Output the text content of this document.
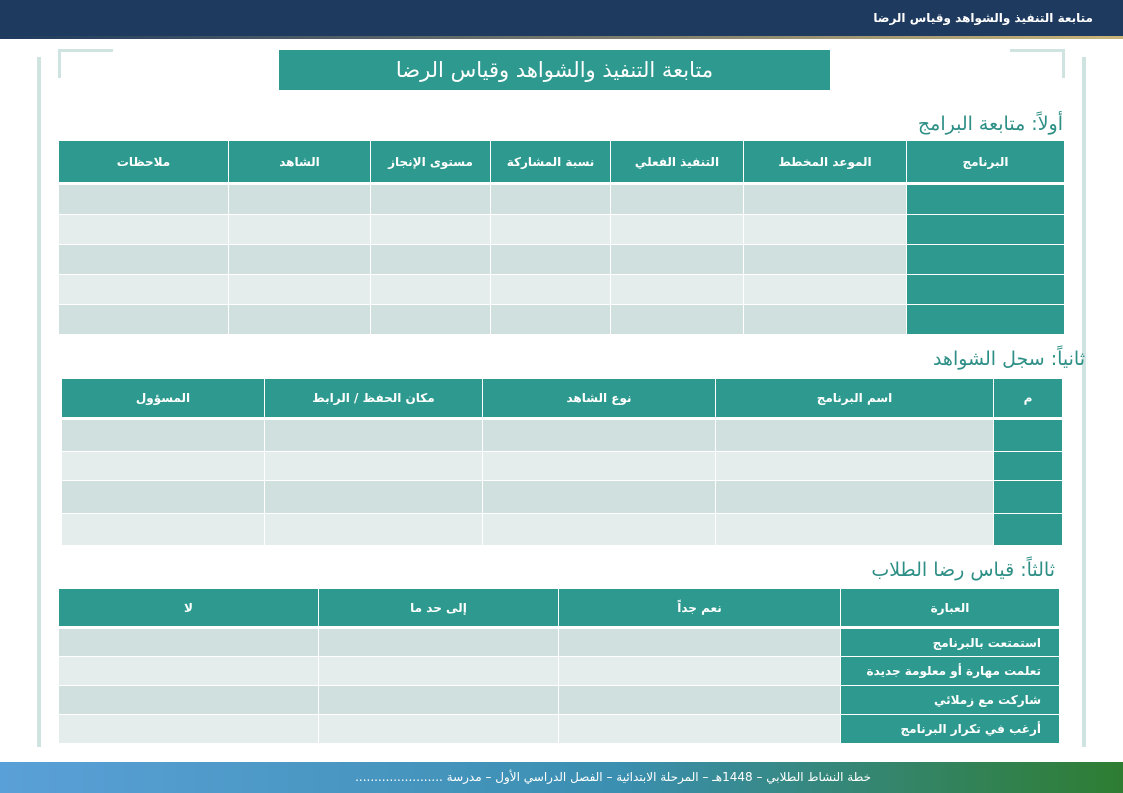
متابعة التنفيذ والشواهد وقياس الرضا
متابعة التنفيذ والشواهد وقياس الرضا
أولاً: متابعة البرامج
البرنامج	الموعد المخطط	التنفيذ الفعلي	نسبة المشاركة	مستوى الإنجاز	الشاهد	ملاحظات

ثانياً: سجل الشواهد
م	اسم البرنامج	نوع الشاهد	مكان الحفظ / الرابط	المسؤول

ثالثاً: قياس رضا الطلاب
العبارة	نعم جداً	إلى حد ما	لا

استمتعت بالبرنامج			
تعلمت مهارة أو معلومة جديدة			
شاركت مع زملائي			
أرغب في تكرار البرنامج			
خطة النشاط الطلابي – 1448هـ – المرحلة الابتدائية – الفصل الدراسي الأول – مدرسة .......................
